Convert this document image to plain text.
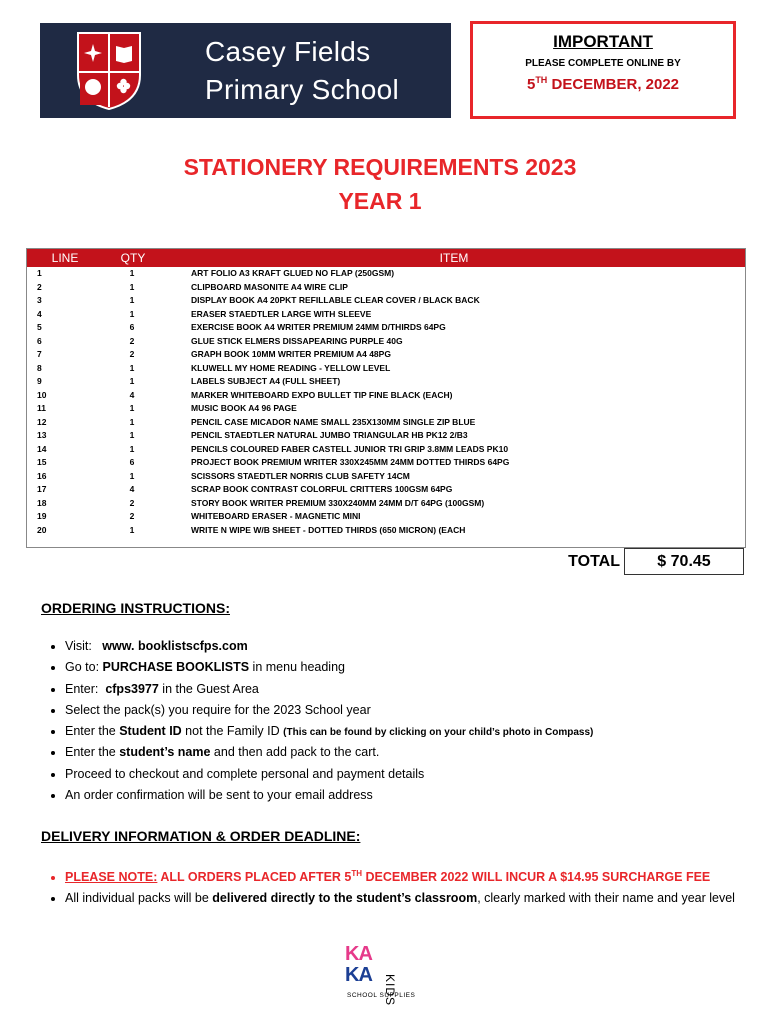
Casey Fields
Primary School
IMPORTANT
PLEASE COMPLETE ONLINE BY
5TH DECEMBER, 2022
STATIONERY REQUIREMENTS 2023
YEAR 1
LINE	QTY	ITEM
1	1	ART FOLIO A3 KRAFT GLUED NO FLAP (250GSM)
2	1	CLIPBOARD MASONITE A4 WIRE CLIP
3	1	DISPLAY BOOK A4 20PKT REFILLABLE CLEAR COVER / BLACK BACK
4	1	ERASER STAEDTLER LARGE WITH SLEEVE
5	6	EXERCISE BOOK A4 WRITER PREMIUM 24MM D/THIRDS 64PG
6	2	GLUE STICK ELMERS DISSAPEARING PURPLE 40G
7	2	GRAPH BOOK 10MM WRITER PREMIUM A4 48PG
8	1	KLUWELL MY HOME READING - YELLOW LEVEL
9	1	LABELS SUBJECT A4 (FULL SHEET)
10	4	MARKER WHITEBOARD EXPO BULLET TIP FINE BLACK (EACH)
11	1	MUSIC BOOK A4 96 PAGE
12	1	PENCIL CASE MICADOR NAME SMALL 235X130MM SINGLE ZIP BLUE
13	1	PENCIL STAEDTLER NATURAL JUMBO TRIANGULAR HB PK12 2/B3
14	1	PENCILS COLOURED FABER CASTELL JUNIOR TRI GRIP 3.8MM LEADS PK10
15	6	PROJECT BOOK PREMIUM WRITER 330X245MM 24MM DOTTED THIRDS 64PG
16	1	SCISSORS STAEDTLER NORRIS CLUB SAFETY 14CM
17	4	SCRAP BOOK CONTRAST COLORFUL CRITTERS 100GSM 64PG
18	2	STORY BOOK WRITER PREMIUM 330X240MM 24MM D/T 64PG (100GSM)
19	2	WHITEBOARD ERASER - MAGNETIC MINI
20	1	WRITE N WIPE W/B SHEET - DOTTED THIRDS (650 MICRON) (EACH
TOTAL	$ 70.45
ORDERING INSTRUCTIONS:
• Visit: www. booklistscfps.com
• Go to: PURCHASE BOOKLISTS in menu heading
• Enter: cfps3977 in the Guest Area
• Select the pack(s) you require for the 2023 School year
• Enter the Student ID not the Family ID (This can be found by clicking on your child’s photo in Compass)
• Enter the student’s name and then add pack to the cart.
• Proceed to checkout and complete personal and payment details
• An order confirmation will be sent to your email address
DELIVERY INFORMATION & ORDER DEADLINE:
• PLEASE NOTE: ALL ORDERS PLACED AFTER 5TH DECEMBER 2022 WILL INCUR A $14.95 SURCHARGE FEE
• All individual packs will be delivered directly to the student’s classroom, clearly marked with their name and year level
KA
KA KIDS
SCHOOL SUPPLIES
